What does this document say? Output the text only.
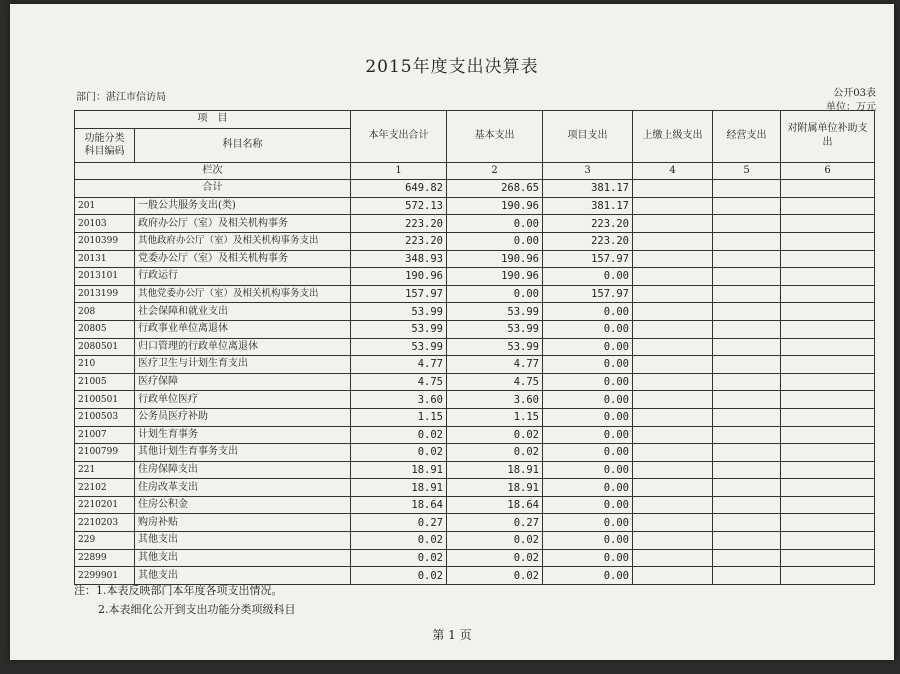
2015年度支出决算表
部门：湛江市信访局	公开03表
单位：万元
项　目		本年支出合计	基本支出	项目支出	上缴上级支出	经营支出	对附属单位补助支出
功能分类
科目编码	科目名称						
栏次		1	2	3	4	5	6
合计		649.82	268.65	381.17			
201	一般公共服务支出(类)	572.13	190.96	381.17			
20103	政府办公厅（室）及相关机构事务	223.20	0.00	223.20			
2010399	其他政府办公厅（室）及相关机构事务支出	223.20	0.00	223.20			
20131	党委办公厅（室）及相关机构事务	348.93	190.96	157.97			
2013101	行政运行	190.96	190.96	0.00			
2013199	其他党委办公厅（室）及相关机构事务支出	157.97	0.00	157.97			
208	社会保障和就业支出	53.99	53.99	0.00			
20805	行政事业单位离退休	53.99	53.99	0.00			
2080501	归口管理的行政单位离退休	53.99	53.99	0.00			
210	医疗卫生与计划生育支出	4.77	4.77	0.00			
21005	医疗保障	4.75	4.75	0.00			
2100501	行政单位医疗	3.60	3.60	0.00			
2100503	公务员医疗补助	1.15	1.15	0.00			
21007	计划生育事务	0.02	0.02	0.00			
2100799	其他计划生育事务支出	0.02	0.02	0.00			
221	住房保障支出	18.91	18.91	0.00			
22102	住房改革支出	18.91	18.91	0.00			
2210201	住房公积金	18.64	18.64	0.00			
2210203	购房补贴	0.27	0.27	0.00			
229	其他支出	0.02	0.02	0.00			
22899	其他支出	0.02	0.02	0.00			
2299901	其他支出	0.02	0.02	0.00			
注：1.本表反映部门本年度各项支出情况。
2.本表细化公开到支出功能分类项级科目
第 1 页
